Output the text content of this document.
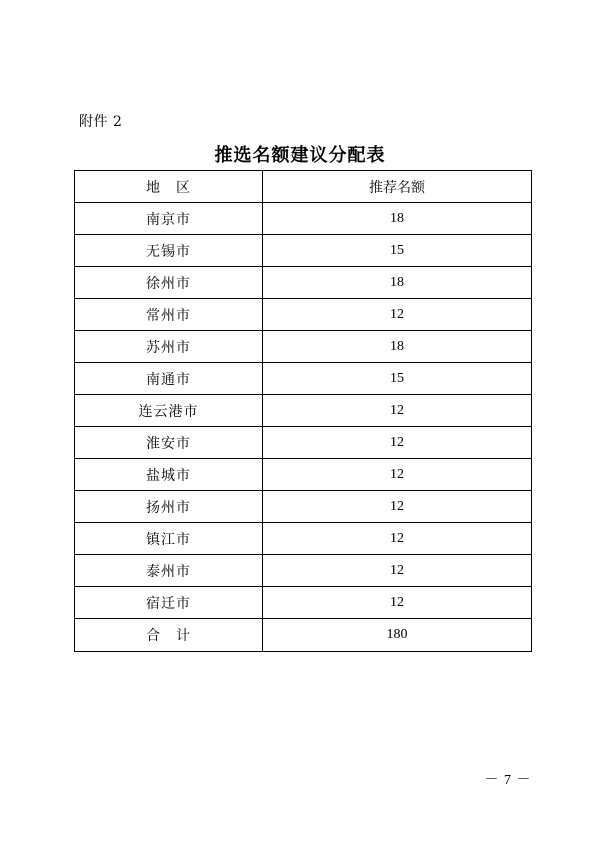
附件 2
推选名额建议分配表
地　区	推荐名额
南京市	18
无锡市	15
徐州市	18
常州市	12
苏州市	18
南通市	15
连云港市	12
淮安市	12
盐城市	12
扬州市	12
镇江市	12
泰州市	12
宿迁市	12
合　计	180
－ 7 －
